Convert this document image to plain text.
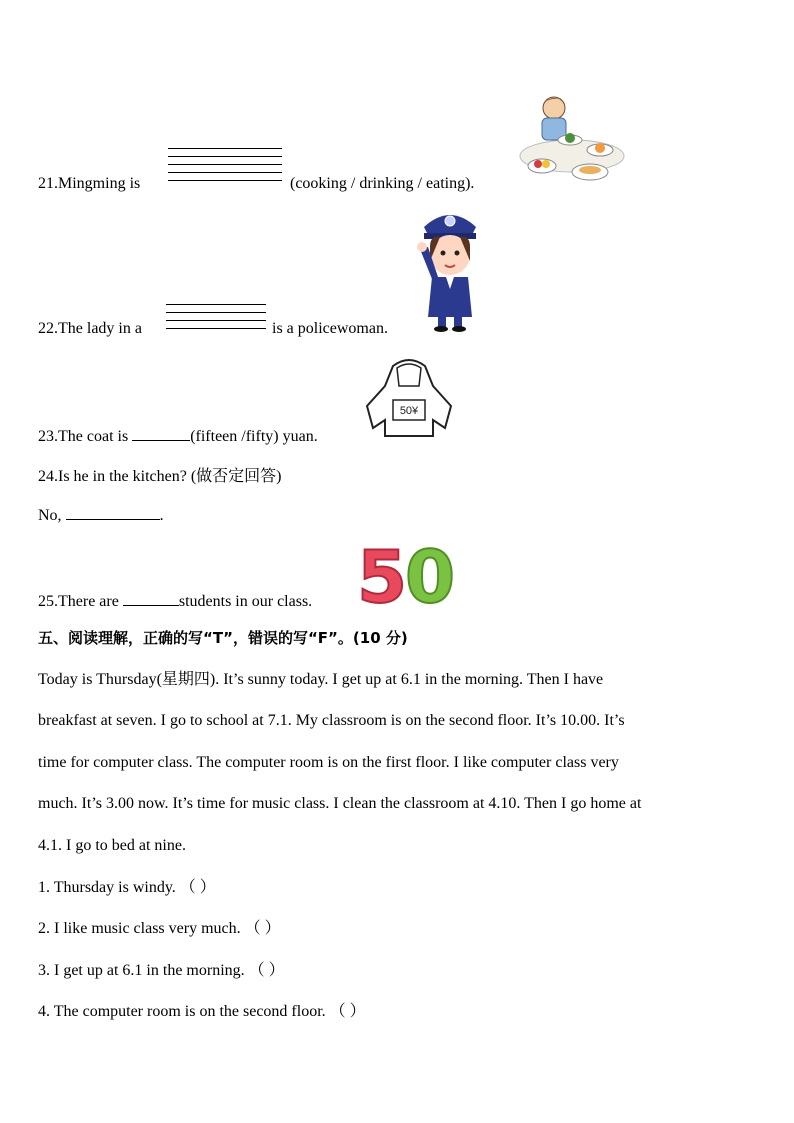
21.Mingming is	(cooking / drinking / eating).
22.The lady in a	is a policewoman.
23.The coat is	(fifteen /fifty) yuan.
50¥
24.Is he in the kitchen? (做否定回答)
No,	.
25.There are	students in our class. 5
0
五、阅读理解，正确的写“T”，错误的写“F”。(10 分)
Today is Thursday(星期四). It’s sunny today. I get up at 6.1 in the morning. Then I have
breakfast at seven. I go to school at 7.1. My classroom is on the second floor. It’s 10.00. It’s
time for computer class. The computer room is on the first floor. I like computer class very
much. It’s 3.00 now. It’s time for music class. I clean the classroom at 4.10. Then I go home at
4.1. I go to bed at nine.
1. Thursday is windy. （ ）
2. I like music class very much. （ ）
3. I get up at 6.1 in the morning. （ ）
4. The computer room is on the second floor. （ ）
